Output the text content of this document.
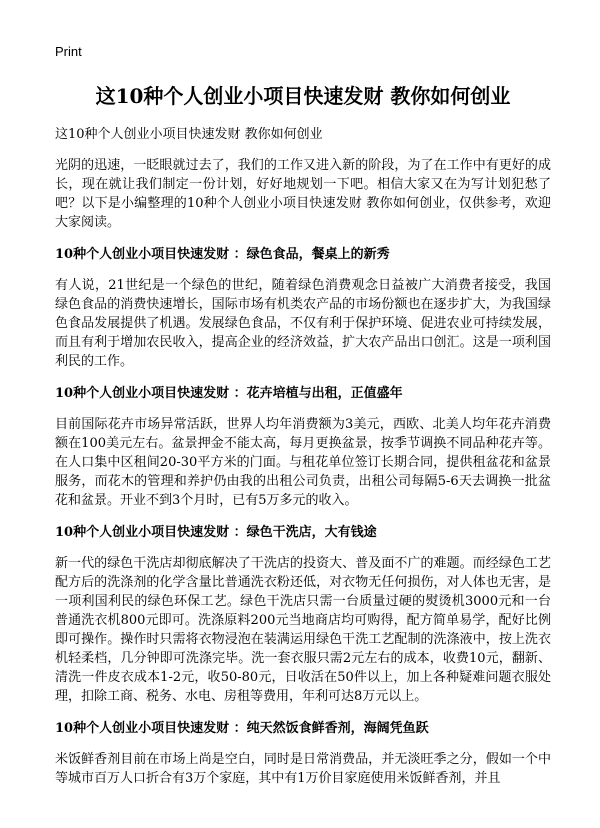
Print

这10种个人创业小项目快速发财 教你如何创业

这10种个人创业小项目快速发财 教你如何创业

光阴的迅速，一眨眼就过去了，我们的工作又进入新的阶段，为了在工作中有更好的成长，现在就让我们制定一份计划，好好地规划一下吧。相信大家又在为写计划犯愁了吧？以下是小编整理的10种个人创业小项目快速发财 教你如何创业，仅供参考，欢迎大家阅读。

10种个人创业小项目快速发财 ：绿色食品，餐桌上的新秀

有人说，21世纪是一个绿色的世纪，随着绿色消费观念日益被广大消费者接受，我国绿色食品的消费快速增长，国际市场有机类农产品的市场份额也在逐步扩大，为我国绿色食品发展提供了机遇。发展绿色食品，不仅有利于保护环境、促进农业可持续发展，而且有利于增加农民收入，提高企业的经济效益，扩大农产品出口创汇。这是一项利国利民的工作。

10种个人创业小项目快速发财 ：花卉培植与出租，正值盛年

目前国际花卉市场异常活跃，世界人均年消费额为3美元，西欧、北美人均年花卉消费额在100美元左右。盆景押金不能太高，每月更换盆景，按季节调换不同品种花卉等。在人口集中区租间20-30平方米的门面。与租花单位签订长期合同，提供租盆花和盆景服务，而花木的管理和养护仍由我的出租公司负责，出租公司每隔5-6天去调换一批盆花和盆景。开业不到3个月时，已有5万多元的收入。

10种个人创业小项目快速发财 ：绿色干洗店，大有钱途

新一代的绿色干洗店却彻底解决了干洗店的投资大、普及面不广的难题。而经绿色工艺配方后的洗涤剂的化学含量比普通洗衣粉还低，对衣物无任何损伤，对人体也无害，是一项利国利民的绿色环保工艺。绿色干洗店只需一台质量过硬的熨烫机3000元和一台普通洗衣机800元即可。洗涤原料200元当地商店均可购得，配方简单易学，配好比例即可操作。操作时只需将衣物浸泡在装满运用绿色干洗工艺配制的洗涤液中，按上洗衣机轻柔档，几分钟即可洗涤完毕。洗一套衣服只需2元左右的成本，收费10元，翻新、清洗一件皮衣成本1-2元，收50-80元，日收活在50件以上，加上各种疑难问题衣服处理，扣除工商、税务、水电、房租等费用，年利可达8万元以上。

10种个人创业小项目快速发财 ：纯天然饭食鲜香剂，海阔凭鱼跃

米饭鲜香剂目前在市场上尚是空白，同时是日常消费品，并无淡旺季之分，假如一个中等城市百万人口折合有3万个家庭，其中有1万价目家庭使用米饭鲜香剂，并且
